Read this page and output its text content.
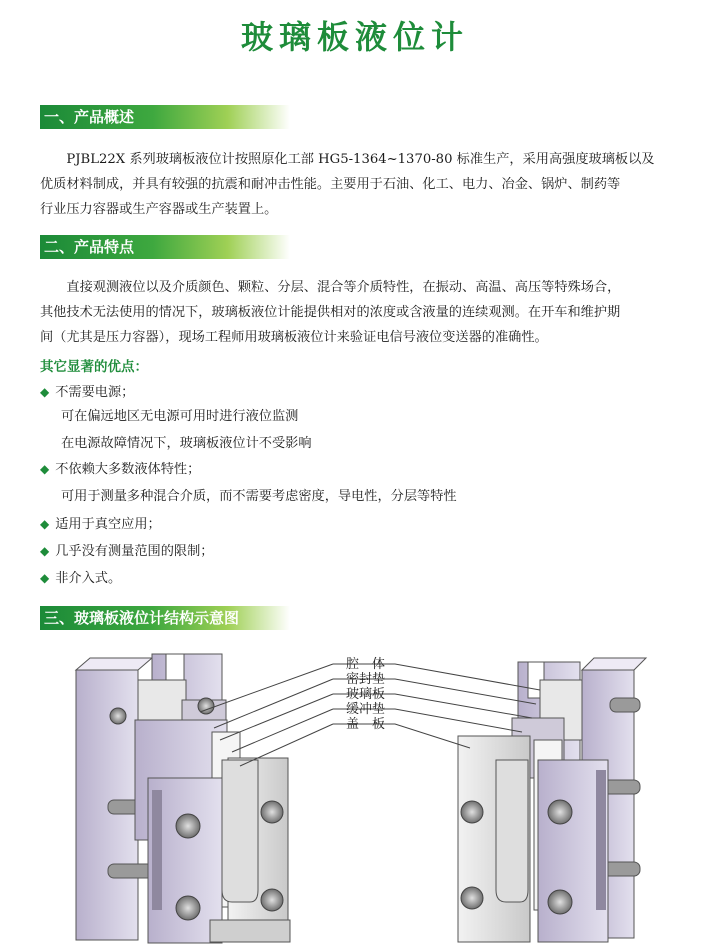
玻璃板液位计
一、产品概述
PJBL22X 系列玻璃板液位计按照原化工部 HG5-1364~1370-80 标准生产，采用高强度玻璃板以及
优质材料制成，并具有较强的抗震和耐冲击性能。主要用于石油、化工、电力、冶金、锅炉、制药等
行业压力容器或生产容器或生产装置上。
二、产品特点
直接观测液位以及介质颜色、颗粒、分层、混合等介质特性，在振动、高温、高压等特殊场合，
其他技术无法使用的情况下，玻璃板液位计能提供相对的浓度或含液量的连续观测。在开车和维护期
间（尤其是压力容器），现场工程师用玻璃板液位计来验证电信号液位变送器的准确性。
其它显著的优点：
◆ 不需要电源；
可在偏远地区无电源可用时进行液位监测
在电源故障情况下，玻璃板液位计不受影响
◆ 不依赖大多数液体特性；
可用于测量多种混合介质，而不需要考虑密度，导电性，分层等特性
◆ 适用于真空应用；
◆ 几乎没有测量范围的限制；
◆ 非介入式。
三、玻璃板液位计结构示意图
腔　体
密封垫
玻璃板
缓冲垫
盖　板
